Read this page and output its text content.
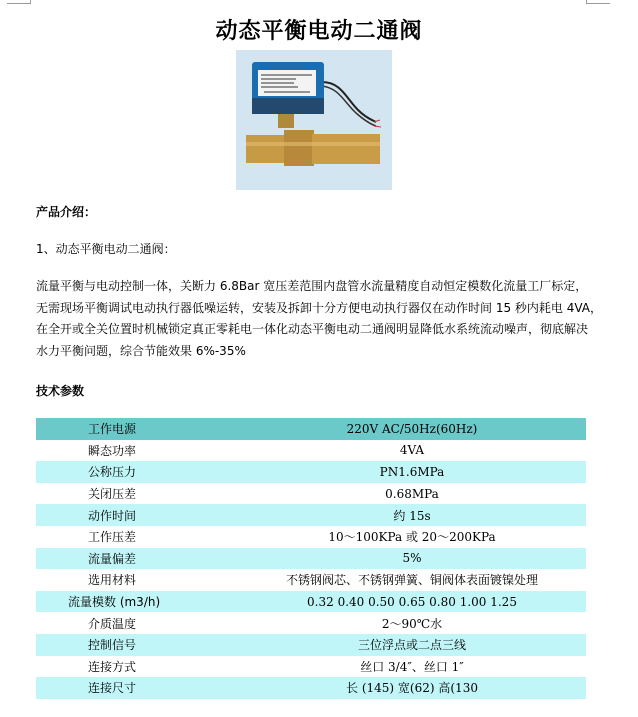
动态平衡电动二通阀
产品介绍：
1、动态平衡电动二通阀：
流量平衡与电动控制一体，关断力 6.8Bar 宽压差范围内盘管水流量精度自动恒定模数化流量工厂标定，
无需现场平衡调试电动执行器低噪运转，安装及拆卸十分方便电动执行器仅在动作时间 15 秒内耗电 4VA，
在全开或全关位置时机械锁定真正零耗电一体化动态平衡电动二通阀明显降低水系统流动噪声，彻底解决
水力平衡问题，综合节能效果 6%-35%
技术参数
工作电源	220V AC/50Hz(60Hz)
瞬态功率	4VA
公称压力	PN1.6MPa
关闭压差	0.68MPa
动作时间	约 15s
工作压差	10～100KPa 或 20～200KPa
流量偏差	5%
选用材料	不锈钢阀芯、不锈钢弹簧、铜阀体表面镀镍处理
流量模数 (m3/h)	0.32 0.40 0.50 0.65 0.80 1.00 1.25
介质温度	2～90℃水
控制信号	三位浮点或二点三线
连接方式	丝口 3/4″、丝口 1″
连接尺寸	长 (145) 宽(62) 高(130
